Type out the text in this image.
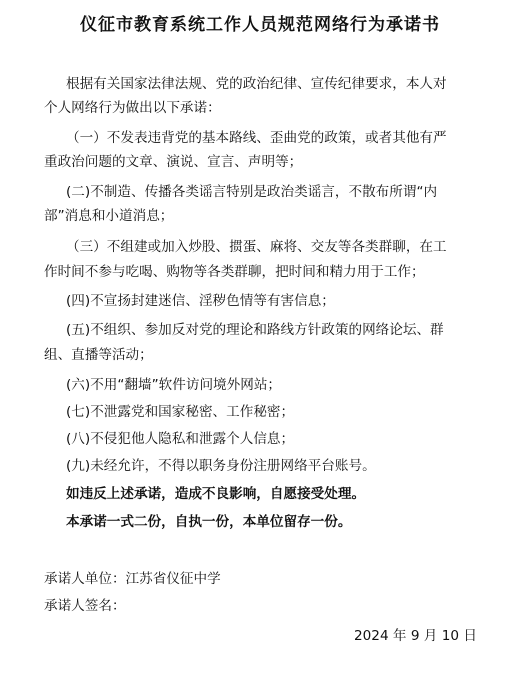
仪征市教育系统工作人员规范网络行为承诺书
根据有关国家法律法规、党的政治纪律、宣传纪律要求，本人对
个人网络行为做出以下承诺：
（一）不发表违背党的基本路线、歪曲党的政策，或者其他有严
重政治问题的文章、演说、宣言、声明等；
(二)不制造、传播各类谣言特别是政治类谣言，不散布所谓“内
部”消息和小道消息；
（三）不组建或加入炒股、掼蛋、麻将、交友等各类群聊，在工
作时间不参与吃喝、购物等各类群聊，把时间和精力用于工作；
(四)不宣扬封建迷信、淫秽色情等有害信息；
(五)不组织、参加反对党的理论和路线方针政策的网络论坛、群
组、直播等活动；
(六)不用“翻墙”软件访问境外网站；
(七)不泄露党和国家秘密、工作秘密；
(八)不侵犯他人隐私和泄露个人信息；
(九)未经允许，不得以职务身份注册网络平台账号。
如违反上述承诺，造成不良影响，自愿接受处理。
本承诺一式二份，自执一份，本单位留存一份。
承诺人单位：江苏省仪征中学
承诺人签名：
2024 年 9 月 10 日
